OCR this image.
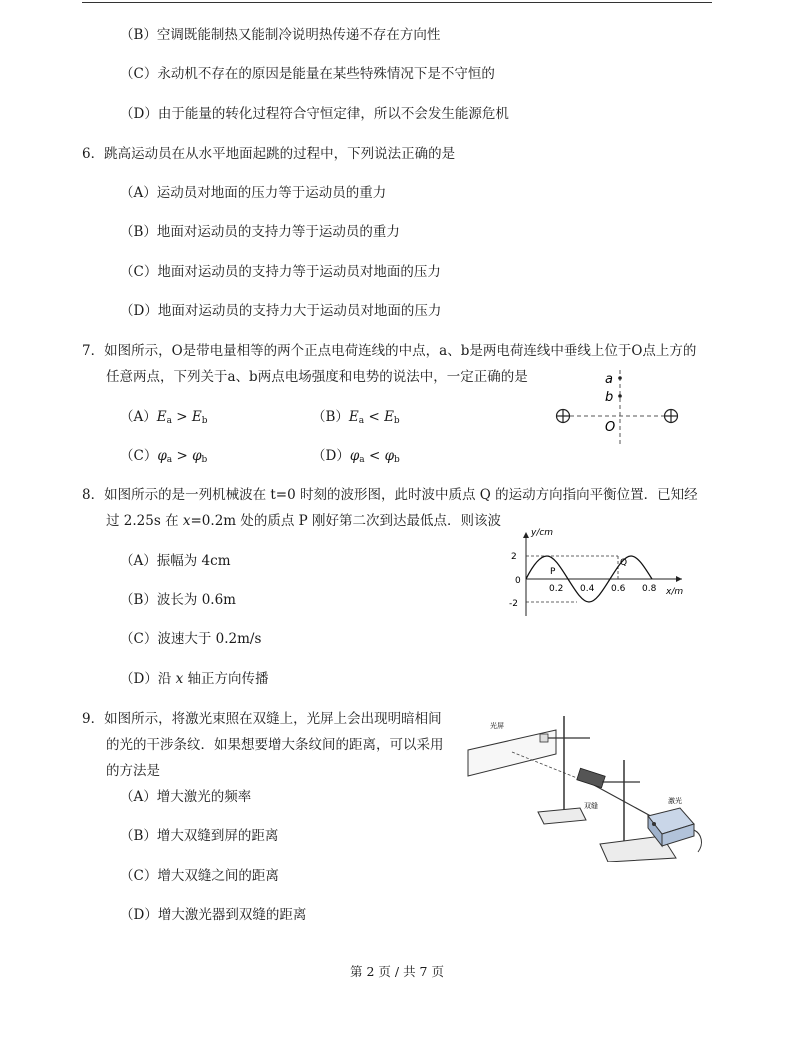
（B）空调既能制热又能制冷说明热传递不存在方向性
（C）永动机不存在的原因是能量在某些特殊情况下是不守恒的
（D）由于能量的转化过程符合守恒定律，所以不会发生能源危机
6．跳高运动员在从水平地面起跳的过程中，下列说法正确的是
（A）运动员对地面的压力等于运动员的重力
（B）地面对运动员的支持力等于运动员的重力
（C）地面对运动员的支持力等于运动员对地面的压力
（D）地面对运动员的支持力大于运动员对地面的压力
7．如图所示，O是带电量相等的两个正点电荷连线的中点，a、b是两电荷连线中垂线上位于O点上方的
任意两点，下列关于a、b两点电场强度和电势的说法中，一定正确的是
$(A)E_a > E_b$	$(B)E_a < E_b$
$(C)\varphi_a > \varphi_b$	$(D)\varphi_a < \varphi_b$
a
b
O
8．如图所示的是一列机械波在 t=0 时刻的波形图，此时波中质点 Q 的运动方向指向平衡位置．已知经
过 2.25s 在 x=0.2m 处的质点 P 刚好第二次到达最低点．则该波
（A）振幅为 4cm
（B）波长为 0.6m
（C）波速大于 0.2m/s
（D）沿 x 轴正方向传播
y/cm
x/m
2
0
-2
0.2 0.4 0.6 0.8
P
Q
9．如图所示，将激光束照在双缝上，光屏上会出现明暗相间
的光的干涉条纹．如果想要增大条纹间的距离，可以采用
的方法是
（A）增大激光的频率
（B）增大双缝到屏的距离
（C）增大双缝之间的距离
（D）增大激光器到双缝的距离
光屏
双缝
激光
第 2 页 / 共 7 页
